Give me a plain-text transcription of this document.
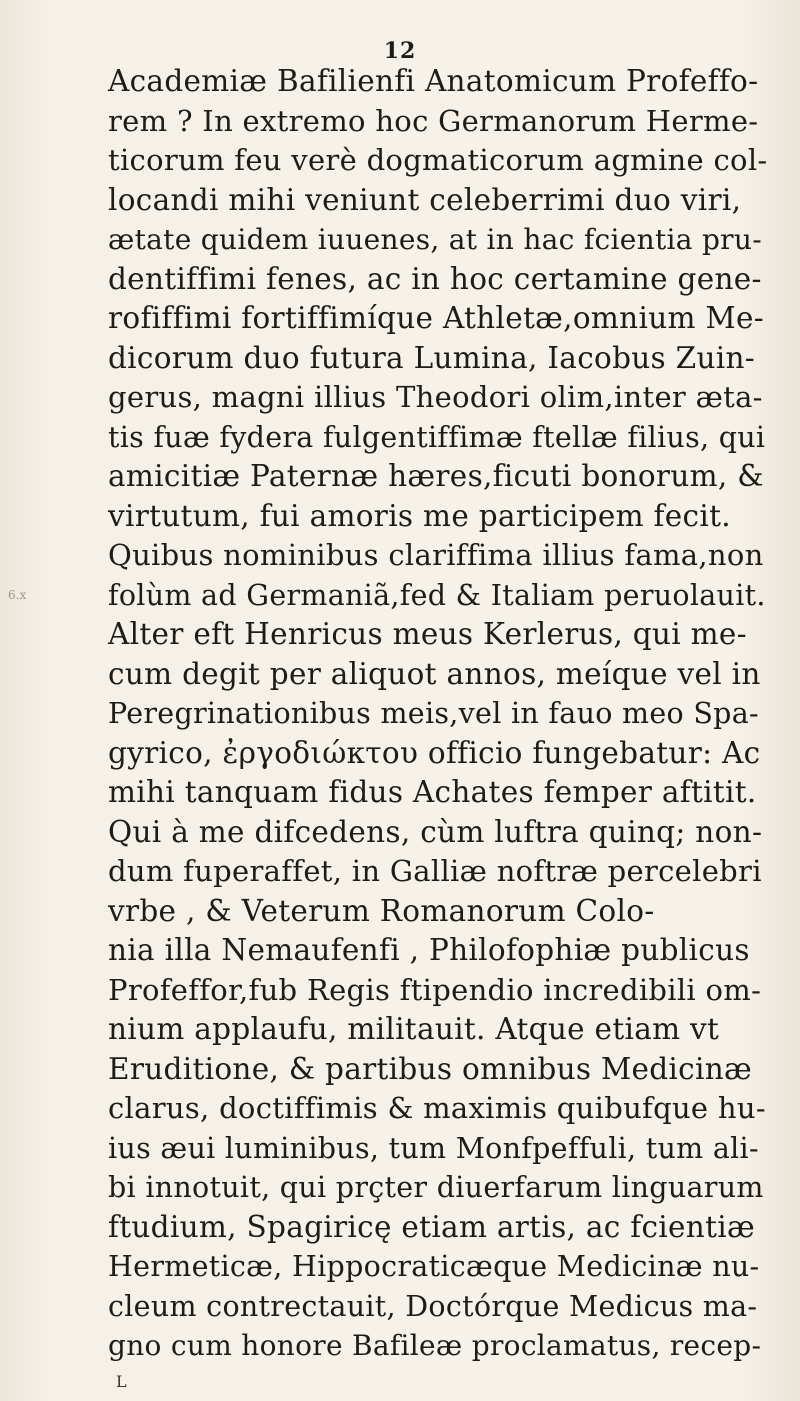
12
6.x
Academiæ Bafilienfi Anatomicum Profeffo-
rem ? In extremo hoc Germanorum Herme-
ticorum feu verè dogmaticorum agmine col-
locandi mihi veniunt celeberrimi duo viri,
ætate quidem iuuenes, at in hac fcientia pru-
dentiffimi fenes, ac in hoc certamine gene-
rofiffimi fortiffimíque Athletæ,omnium Me-
dicorum duo futura Lumina, Iacobus Zuin-
gerus, magni illius Theodori olim,inter æta-
tis fuæ fydera fulgentiffimæ ftellæ filius, qui
amicitiæ Paternæ hæres,ficuti bonorum, &
virtutum, fui amoris me participem fecit.
Quibus nominibus clariffima illius fama,non
folùm ad Germaniã,fed & Italiam peruolauit.
Alter eft Henricus meus Kerlerus, qui me-
cum degit per aliquot annos, meíque vel in
Peregrinationibus meis,vel in fauo meo Spa-
gyrico, ἐργοδιώκτου officio fungebatur: Ac
mihi tanquam fidus Achates femper aftitit.
Qui à me difcedens, cùm luftra quinq; non-
dum fuperaffet, in Galliæ noftræ percelebri
vrbe , & Veterum Romanorum Colo-
nia illa Nemaufenfi , Philofophiæ publicus
Profeffor,fub Regis ftipendio incredibili om-
nium applaufu, militauit. Atque etiam vt
Eruditione, & partibus omnibus Medicinæ
clarus, doctiffimis & maximis quibufque hu-
ius æui luminibus, tum Monfpeffuli, tum ali-
bi innotuit, qui prçter diuerfarum linguarum
ftudium, Spagiricę etiam artis, ac fcientiæ
Hermeticæ, Hippocraticæque Medicinæ nu-
cleum contrectauit, Doctórque Medicus ma-
gno cum honore Bafileæ proclamatus, recep-
L
